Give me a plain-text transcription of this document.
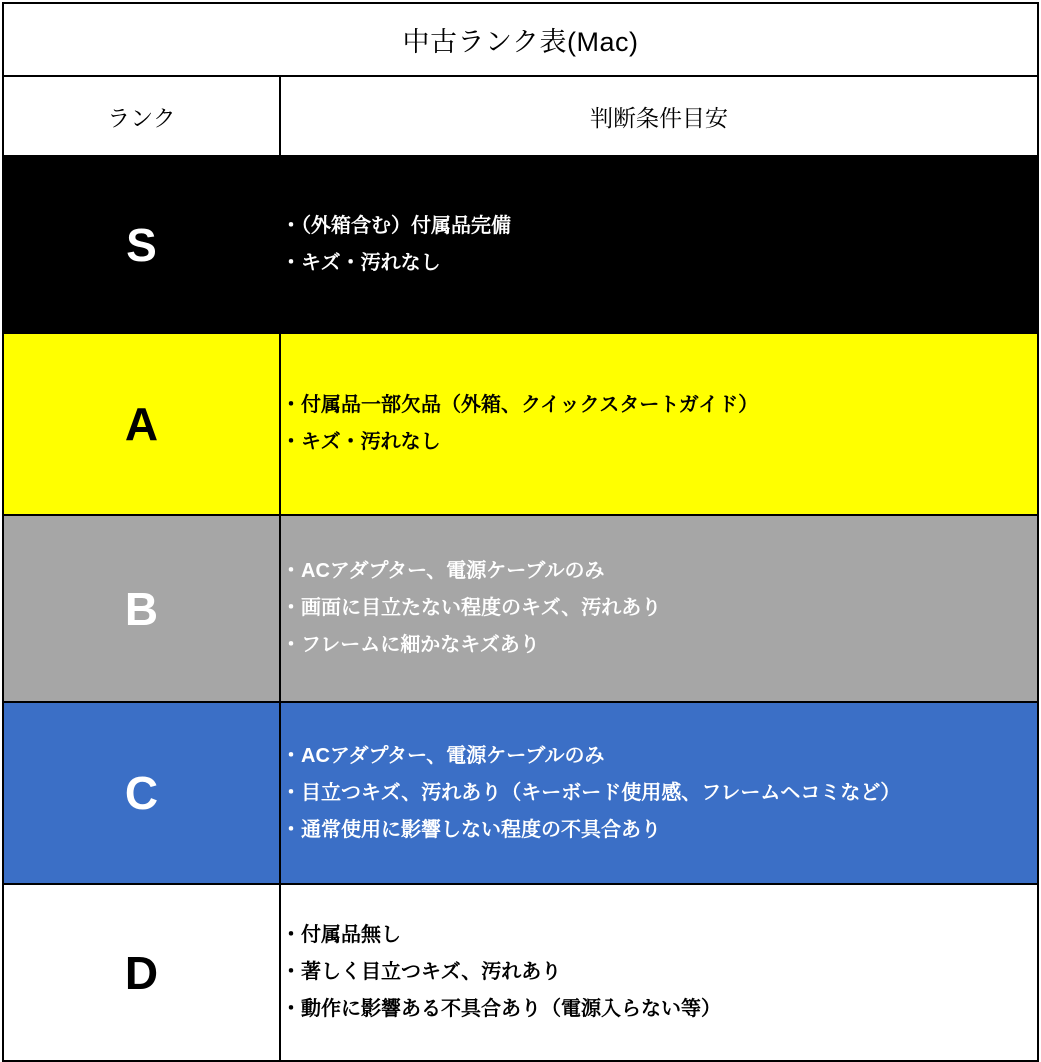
中古ランク表(Mac)	
ランク	判断条件目安
S	・（外箱含む）付属品完備
・キズ・汚れなし

A	・付属品一部欠品（外箱、クイックスタートガイド）
・キズ・汚れなし

B	
・ACアダプター、電源ケーブルのみ
・画面に目立たない程度のキズ、汚れあり
・フレームに細かなキズあり

C	
・ACアダプター、電源ケーブルのみ
・目立つキズ、汚れあり（キーボード使用感、フレームヘコミなど）
・通常使用に影響しない程度の不具合あり

D	
・付属品無し
・著しく目立つキズ、汚れあり
・動作に影響ある不具合あり（電源入らない等）
